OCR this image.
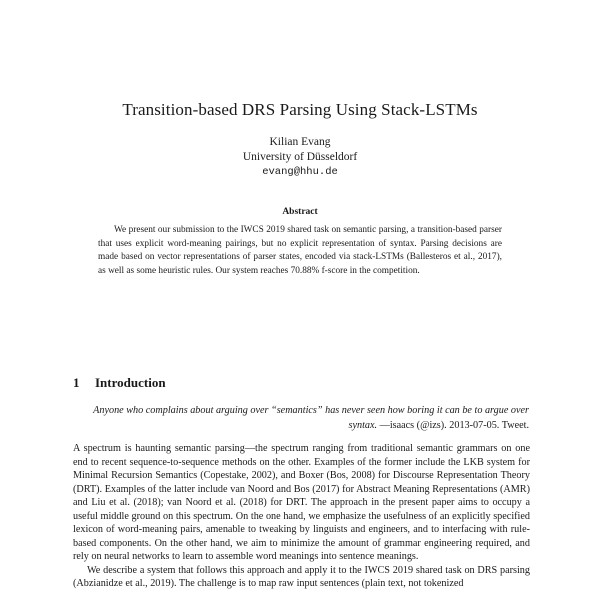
Transition-based DRS Parsing Using Stack-LSTMs
Kilian Evang
University of Düsseldorf
evang@hhu.de
Abstract

We present our submission to the IWCS 2019 shared task on semantic parsing, a transition-based parser that uses explicit word-meaning pairings, but no explicit representation of syntax. Parsing decisions are made based on vector representations of parser states, encoded via stack-LSTMs (Ballesteros et al., 2017), as well as some heuristic rules. Our system reaches 70.88% f-score in the competition.

1 Introduction
Anyone who complains about arguing over “semantics” has never seen how boring it can be to argue over syntax. —isaacs (@izs). 2013-07-05. Tweet.

A spectrum is haunting semantic parsing—the spectrum ranging from traditional semantic grammars on one end to recent sequence-to-sequence methods on the other. Examples of the former include the LKB system for Minimal Recursion Semantics (Copestake, 2002), and Boxer (Bos, 2008) for Discourse Representation Theory (DRT). Examples of the latter include van Noord and Bos (2017) for Abstract Meaning Representations (AMR) and Liu et al. (2018); van Noord et al. (2018) for DRT. The approach in the present paper aims to occupy a useful middle ground on this spectrum. On the one hand, we emphasize the usefulness of an explicitly specified lexicon of word-meaning pairs, amenable to tweaking by linguists and engineers, and to interfacing with rule-based components. On the other hand, we aim to minimize the amount of grammar engineering required, and rely on neural networks to learn to assemble word meanings into sentence meanings.

We describe a system that follows this approach and apply it to the IWCS 2019 shared task on DRS parsing (Abzianidze et al., 2019). The challenge is to map raw input sentences (plain text, not tokenized
